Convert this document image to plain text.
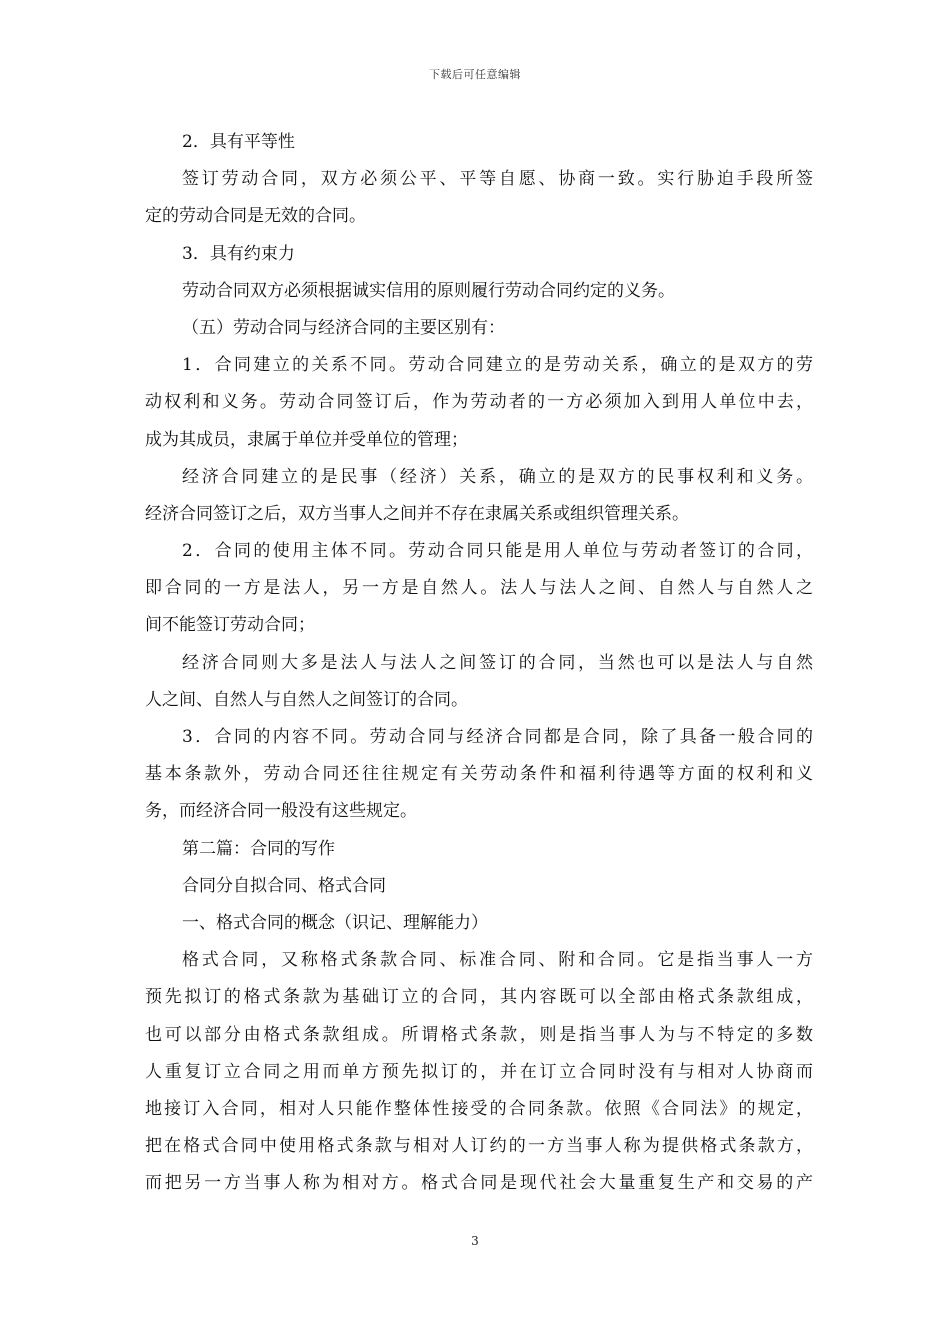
下载后可任意编辑
2．具有平等性
签订劳动合同，双方必须公平、平等自愿、协商一致。实行胁迫手段所签
定的劳动合同是无效的合同。
3．具有约束力
劳动合同双方必须根据诚实信用的原则履行劳动合同约定的义务。
（五）劳动合同与经济合同的主要区别有：
1．合同建立的关系不同。劳动合同建立的是劳动关系，确立的是双方的劳
动权利和义务。劳动合同签订后，作为劳动者的一方必须加入到用人单位中去，
成为其成员，隶属于单位并受单位的管理；
经济合同建立的是民事（经济）关系，确立的是双方的民事权利和义务。
经济合同签订之后，双方当事人之间并不存在隶属关系或组织管理关系。
2．合同的使用主体不同。劳动合同只能是用人单位与劳动者签订的合同，
即合同的一方是法人，另一方是自然人。法人与法人之间、自然人与自然人之
间不能签订劳动合同；
经济合同则大多是法人与法人之间签订的合同，当然也可以是法人与自然
人之间、自然人与自然人之间签订的合同。
3．合同的内容不同。劳动合同与经济合同都是合同，除了具备一般合同的
基本条款外，劳动合同还往往规定有关劳动条件和福利待遇等方面的权利和义
务，而经济合同一般没有这些规定。
第二篇：合同的写作
合同分自拟合同、格式合同
一、格式合同的概念（识记、理解能力）
格式合同，又称格式条款合同、标准合同、附和合同。它是指当事人一方
预先拟订的格式条款为基础订立的合同，其内容既可以全部由格式条款组成，
也可以部分由格式条款组成。所谓格式条款，则是指当事人为与不特定的多数
人重复订立合同之用而单方预先拟订的，并在订立合同时没有与相对人协商而
地接订入合同，相对人只能作整体性接受的合同条款。依照《合同法》的规定，
把在格式合同中使用格式条款与相对人订约的一方当事人称为提供格式条款方，
而把另一方当事人称为相对方。格式合同是现代社会大量重复生产和交易的产
3
